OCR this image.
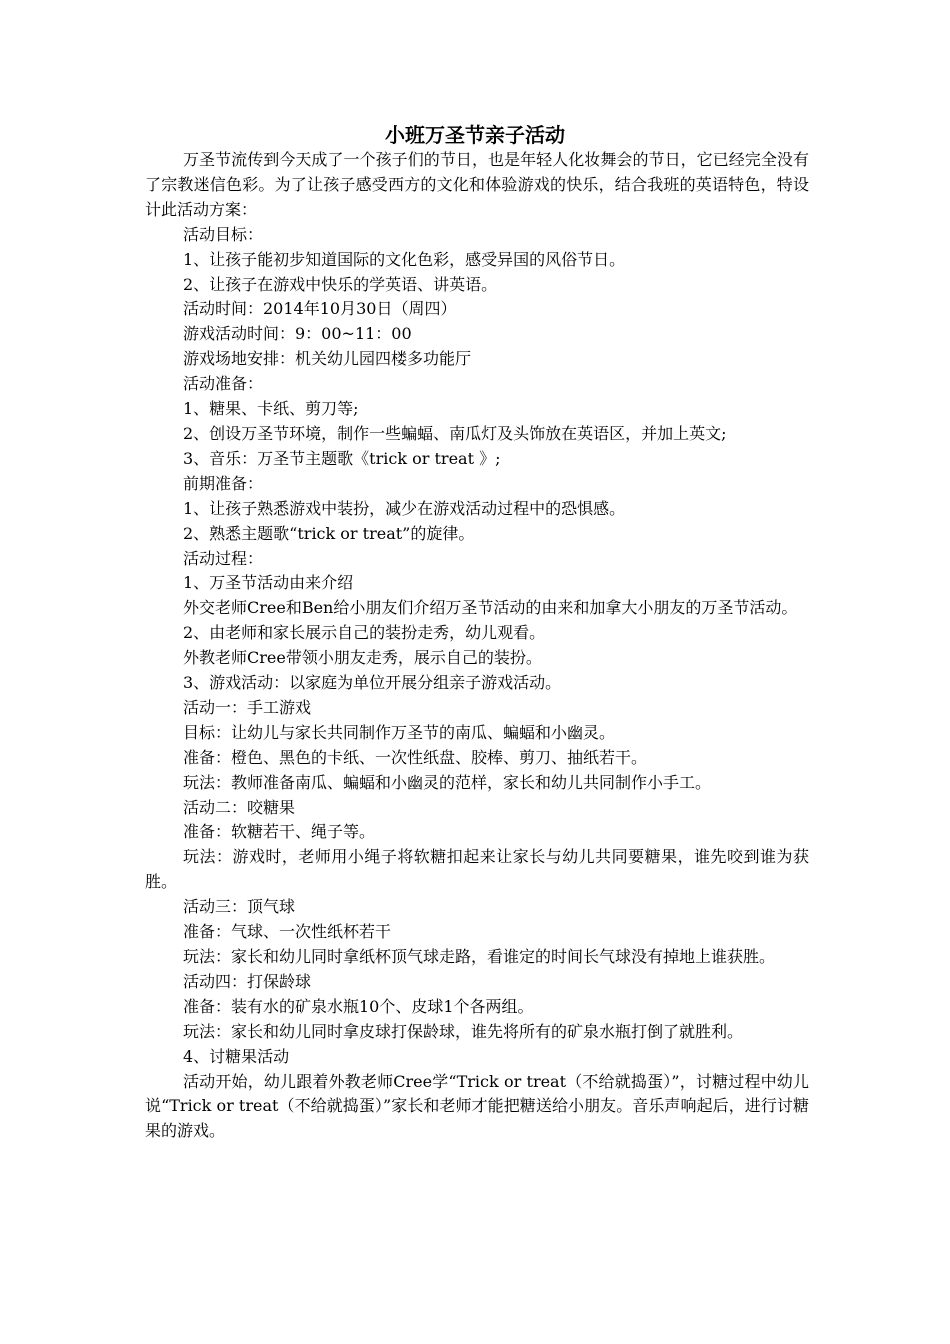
小班万圣节亲子活动

万圣节流传到今天成了一个孩子们的节日，也是年轻人化妆舞会的节日，它已经完全没有了宗教迷信色彩。为了让孩子感受西方的文化和体验游戏的快乐，结合我班的英语特色，特设计此活动方案：

活动目标：

1、让孩子能初步知道国际的文化色彩，感受异国的风俗节日。

2、让孩子在游戏中快乐的学英语、讲英语。

活动时间：2014年10月30日（周四）

游戏活动时间：9：00~11：00

游戏场地安排：机关幼儿园四楼多功能厅

活动准备：

1、糖果、卡纸、剪刀等;

2、创设万圣节环境，制作一些蝙蝠、南瓜灯及头饰放在英语区，并加上英文;

3、音乐：万圣节主题歌《trick or treat 》;

前期准备：

1、让孩子熟悉游戏中装扮，减少在游戏活动过程中的恐惧感。

2、熟悉主题歌“trick or treat”的旋律。

活动过程：

1、万圣节活动由来介绍

外交老师Cree和Ben给小朋友们介绍万圣节活动的由来和加拿大小朋友的万圣节活动。

2、由老师和家长展示自己的装扮走秀，幼儿观看。

外教老师Cree带领小朋友走秀，展示自己的装扮。

3、游戏活动：以家庭为单位开展分组亲子游戏活动。

活动一：手工游戏

目标：让幼儿与家长共同制作万圣节的南瓜、蝙蝠和小幽灵。

准备：橙色、黑色的卡纸、一次性纸盘、胶棒、剪刀、抽纸若干。

玩法：教师准备南瓜、蝙蝠和小幽灵的范样，家长和幼儿共同制作小手工。

活动二：咬糖果

准备：软糖若干、绳子等。

玩法：游戏时，老师用小绳子将软糖扣起来让家长与幼儿共同要糖果，谁先咬到谁为获胜。

活动三：顶气球

准备：气球、一次性纸杯若干

玩法：家长和幼儿同时拿纸杯顶气球走路，看谁定的时间长气球没有掉地上谁获胜。

活动四：打保龄球

准备：装有水的矿泉水瓶10个、皮球1个各两组。

玩法：家长和幼儿同时拿皮球打保龄球，谁先将所有的矿泉水瓶打倒了就胜利。

4、讨糖果活动

活动开始，幼儿跟着外教老师Cree学“Trick or treat（不给就捣蛋）”，讨糖过程中幼儿说“Trick or treat（不给就捣蛋）”家长和老师才能把糖送给小朋友。音乐声响起后，进行讨糖果的游戏。
